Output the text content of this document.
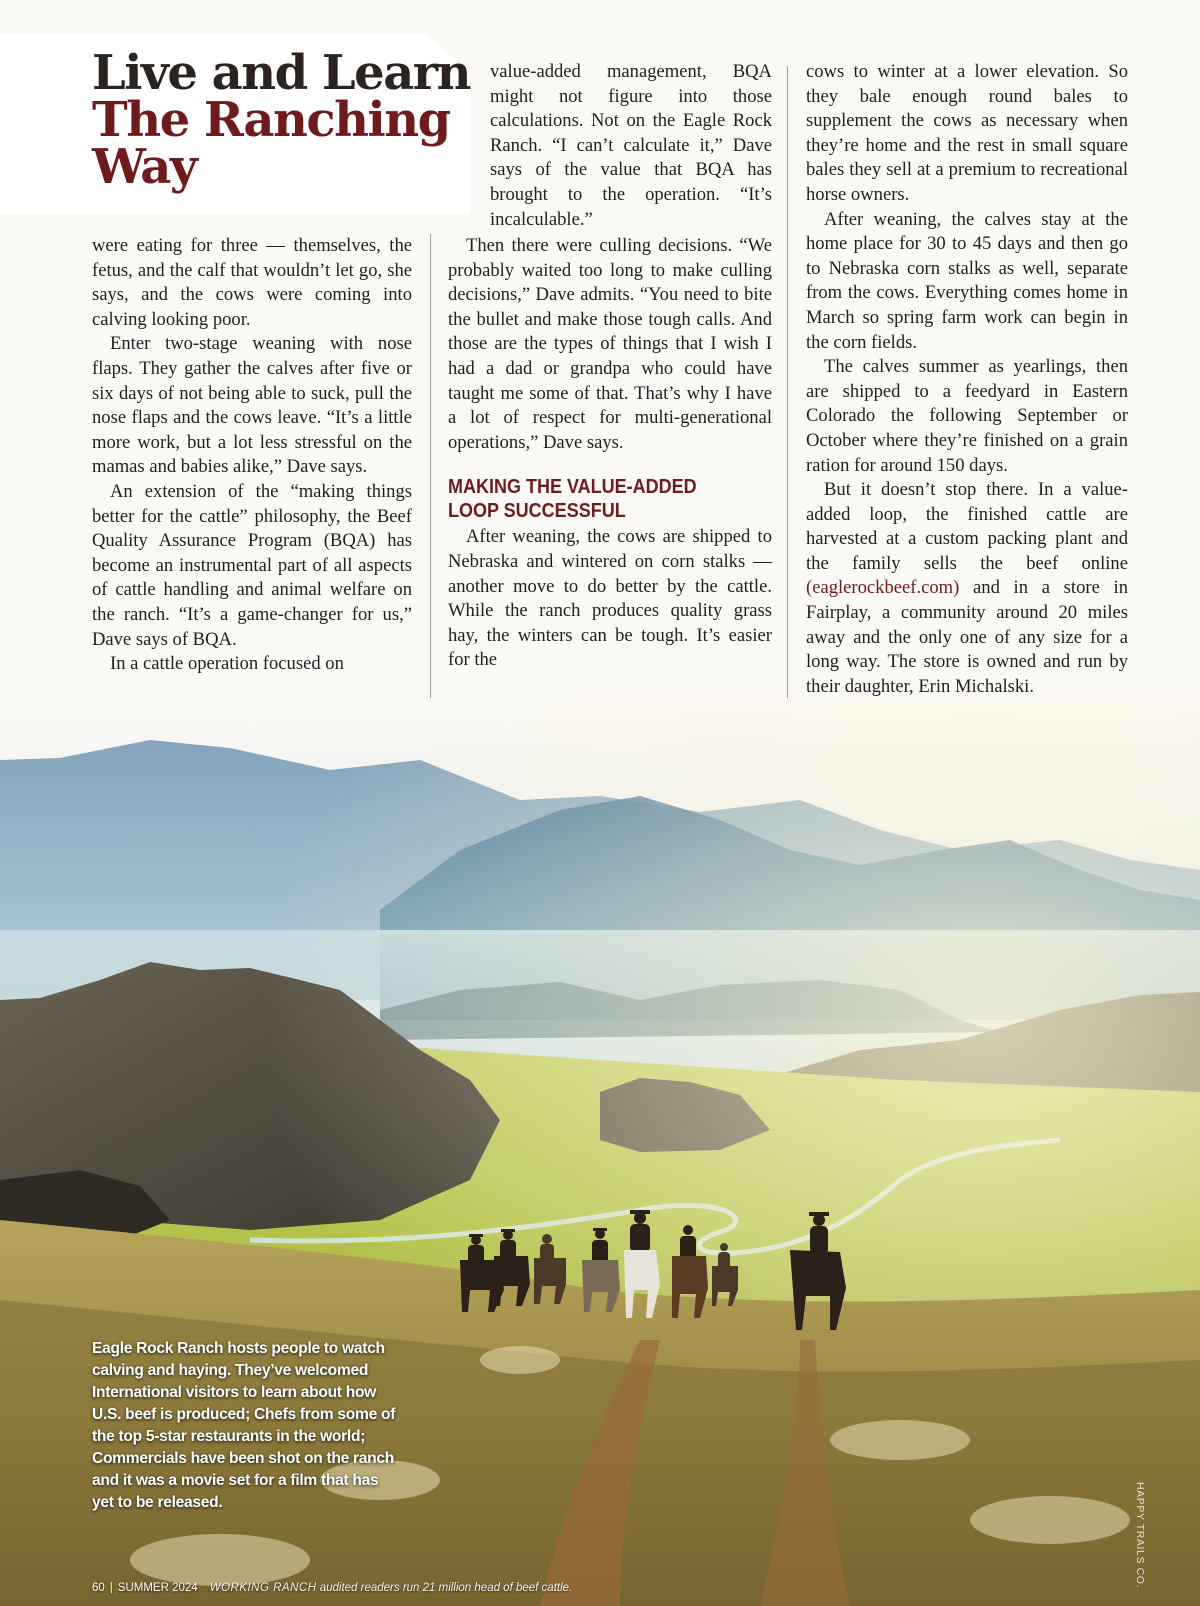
Live and Learn The Ranching Way

were eating for three — themselves, the fetus, and the calf that wouldn’t let go, she says, and the cows were coming into calving looking poor.

Enter two-stage weaning with nose flaps. They gather the calves after five or six days of not being able to suck, pull the nose flaps and the cows leave. “It’s a little more work, but a lot less stressful on the mamas and babies alike,” Dave says.

An extension of the “making things better for the cattle” philosophy, the Beef Quality Assurance Program (BQA) has become an instrumental part of all aspects of cattle handling and animal welfare on the ranch. “It’s a game-changer for us,” Dave says of BQA.

In a cattle operation focused on

value-added management, BQA might not figure into those calculations. Not on the Eagle Rock Ranch. “I can’t calculate it,” Dave says of the value that BQA has brought to the operation. “It’s incalculable.”

Then there were culling decisions. “We probably waited too long to make culling decisions,” Dave admits. “You need to bite the bullet and make those tough calls. And those are the types of things that I wish I had a dad or grandpa who could have taught me some of that. That’s why I have a lot of respect for multi-generational operations,” Dave says.

MAKING THE VALUE-ADDED LOOP SUCCESSFUL

After weaning, the cows are shipped to Nebraska and wintered on corn stalks — another move to do better by the cattle. While the ranch produces quality grass hay, the winters can be tough. It’s easier for the

cows to winter at a lower elevation. So they bale enough round bales to supplement the cows as necessary when they’re home and the rest in small square bales they sell at a premium to recreational horse owners.

After weaning, the calves stay at the home place for 30 to 45 days and then go to Nebraska corn stalks as well, separate from the cows. Everything comes home in March so spring farm work can begin in the corn fields.

The calves summer as yearlings, then are shipped to a feedyard in Eastern Colorado the following September or October where they’re finished on a grain ration for around 150 days.

But it doesn’t stop there. In a value-added loop, the finished cattle are harvested at a custom packing plant and the family sells the beef online (eaglerockbeef.com) and in a store in Fairplay, a community around 20 miles away and the only one of any size for a long way. The store is owned and run by their daughter, Erin Michalski.

Eagle Rock Ranch hosts people to watch calving and haying. They’ve welcomed International visitors to learn about how U.S. beef is produced; Chefs from some of the top 5-star restaurants in the world; Commercials have been shot on the ranch and it was a movie set for a film that has yet to be released.	HAPPY TRAILS CO.
60 | SUMMER 2024 WORKING RANCH audited readers run 21 million head of beef cattle.
